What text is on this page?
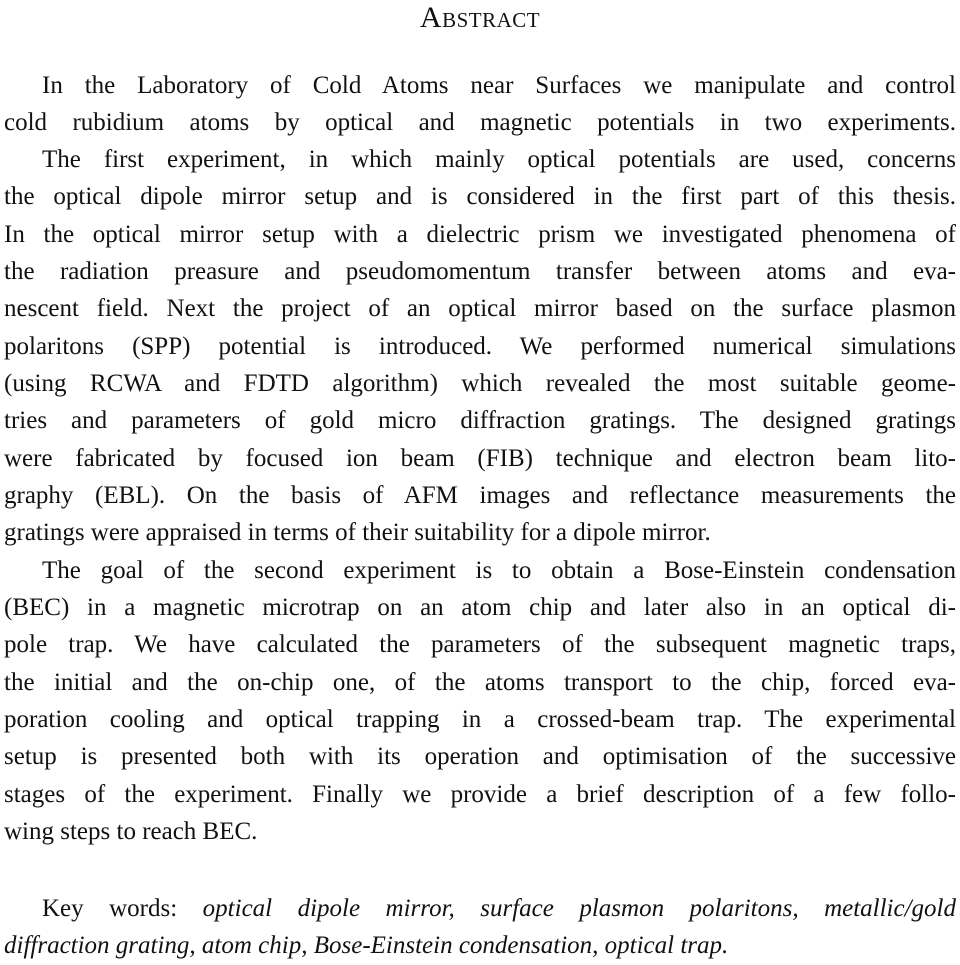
Abstract

In the Laboratory of Cold Atoms near Surfaces we manipulate and control

cold rubidium atoms by optical and magnetic potentials in two experiments.

The first experiment, in which mainly optical potentials are used, concerns

the optical dipole mirror setup and is considered in the first part of this thesis.

In the optical mirror setup with a dielectric prism we investigated phenomena of

the radiation preasure and pseudomomentum transfer between atoms and eva-

nescent field. Next the project of an optical mirror based on the surface plasmon

polaritons (SPP) potential is introduced. We performed numerical simulations

(using RCWA and FDTD algorithm) which revealed the most suitable geome-

tries and parameters of gold micro diffraction gratings. The designed gratings

were fabricated by focused ion beam (FIB) technique and electron beam lito-

graphy (EBL). On the basis of AFM images and reflectance measurements the

gratings were appraised in terms of their suitability for a dipole mirror.

The goal of the second experiment is to obtain a Bose-Einstein condensation

(BEC) in a magnetic microtrap on an atom chip and later also in an optical di-

pole trap. We have calculated the parameters of the subsequent magnetic traps,

the initial and the on-chip one, of the atoms transport to the chip, forced eva-

poration cooling and optical trapping in a crossed-beam trap. The experimental

setup is presented both with its operation and optimisation of the successive

stages of the experiment. Finally we provide a brief description of a few follo-

wing steps to reach BEC.

Key words: optical dipole mirror, surface plasmon polaritons, metallic/gold

diffraction grating, atom chip, Bose-Einstein condensation, optical trap.
